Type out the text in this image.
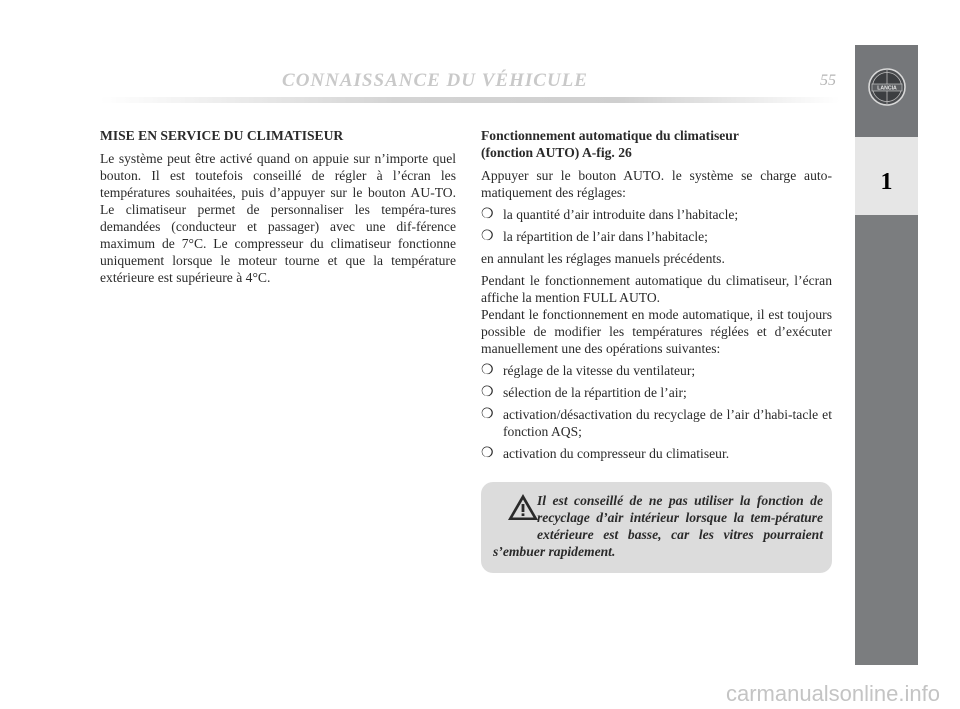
CONNAISSANCE DU VÉHICULE	55	LANCIA
1
MISE EN SERVICE DU CLIMATISEUR

Le système peut être activé quand on appuie sur n’importe quel bouton. Il est toutefois conseillé de régler à l’écran les températures souhaitées, puis d’appuyer sur le bouton AU-TO. Le climatiseur permet de personnaliser les tempéra-tures demandées (conducteur et passager) avec une dif-férence maximum de 7°C. Le compresseur du climatiseur fonctionne uniquement lorsque le moteur tourne et que la température extérieure est supérieure à 4°C.

Fonctionnement automatique du climatiseur
(fonction AUTO) A-fig. 26

Appuyer sur le bouton AUTO. le système se charge auto-matiquement des réglages:

❍ la quantité d’air introduite dans l’habitacle;
❍ la répartition de l’air dans l’habitacle;

en annulant les réglages manuels précédents.

Pendant le fonctionnement automatique du climatiseur, l’écran affiche la mention FULL AUTO.

Pendant le fonctionnement en mode automatique, il est toujours possible de modifier les températures réglées et d’exécuter manuellement une des opérations suivantes:

❍ réglage de la vitesse du ventilateur;
❍ sélection de la répartition de l’air;
❍ activation/désactivation du recyclage de l’air d’habi-tacle et fonction AQS;
❍ activation du compresseur du climatiseur.
Il est conseillé de ne pas utiliser la fonction de recyclage d’air intérieur lorsque la tem-pérature extérieure est basse, car les vitres pourraient s’embuer rapidement.
carmanualsonline.info
